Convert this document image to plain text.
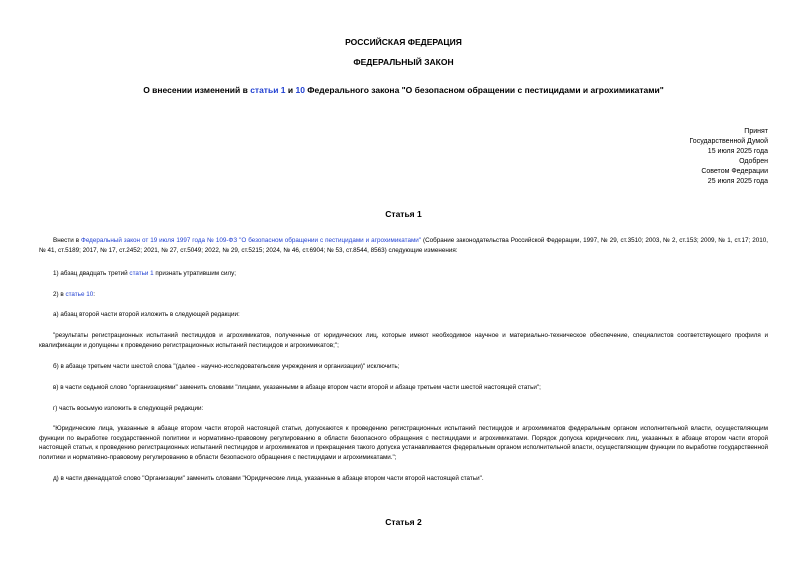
РОССИЙСКАЯ ФЕДЕРАЦИЯ
ФЕДЕРАЛЬНЫЙ ЗАКОН
О внесении изменений в статьи 1 и 10 Федерального закона "О безопасном обращении с пестицидами и агрохимикатами"
Принят
Государственной Думой
15 июля 2025 года
Одобрен
Советом Федерации
25 июля 2025 года
Статья 1
Внести в Федеральный закон от 19 июля 1997 года № 109-ФЗ "О безопасном обращении с пестицидами и агрохимикатами" (Собрание законодательства Российской Федерации, 1997, № 29, ст.3510; 2003, № 2, ст.153; 2009, № 1, ст.17; 2010, № 41, ст.5189; 2017, № 17, ст.2452; 2021, № 27, ст.5049; 2022, № 29, ст.5215; 2024, № 46, ст.6904; № 53, ст.8544, 8563) следующие изменения:
1) абзац двадцать третий статьи 1 признать утратившим силу;
2) в статье 10:
а) абзац второй части второй изложить в следующей редакции:
"результаты регистрационных испытаний пестицидов и агрохимикатов, полученные от юридических лиц, которые имеют необходимое научное и материально-техническое обеспечение, специалистов соответствующего профиля и квалификации и допущены к проведению регистрационных испытаний пестицидов и агрохимикатов;";
б) в абзаце третьем части шестой слова "(далее - научно-исследовательские учреждения и организации)" исключить;
в) в части седьмой слово "организациями" заменить словами "лицами, указанными в абзаце втором части второй и абзаце третьем части шестой настоящей статьи";
г) часть восьмую изложить в следующей редакции:
"Юридические лица, указанные в абзаце втором части второй настоящей статьи, допускаются к проведению регистрационных испытаний пестицидов и агрохимикатов федеральным органом исполнительной власти, осуществляющим функции по выработке государственной политики и нормативно-правовому регулированию в области безопасного обращения с пестицидами и агрохимикатами. Порядок допуска юридических лиц, указанных в абзаце втором части второй настоящей статьи, к проведению регистрационных испытаний пестицидов и агрохимикатов и прекращения такого допуска устанавливается федеральным органом исполнительной власти, осуществляющим функции по выработке государственной политики и нормативно-правовому регулированию в области безопасного обращения с пестицидами и агрохимикатами.";
д) в части двенадцатой слово "Организации" заменить словами "Юридические лица, указанные в абзаце втором части второй настоящей статьи".
Статья 2
